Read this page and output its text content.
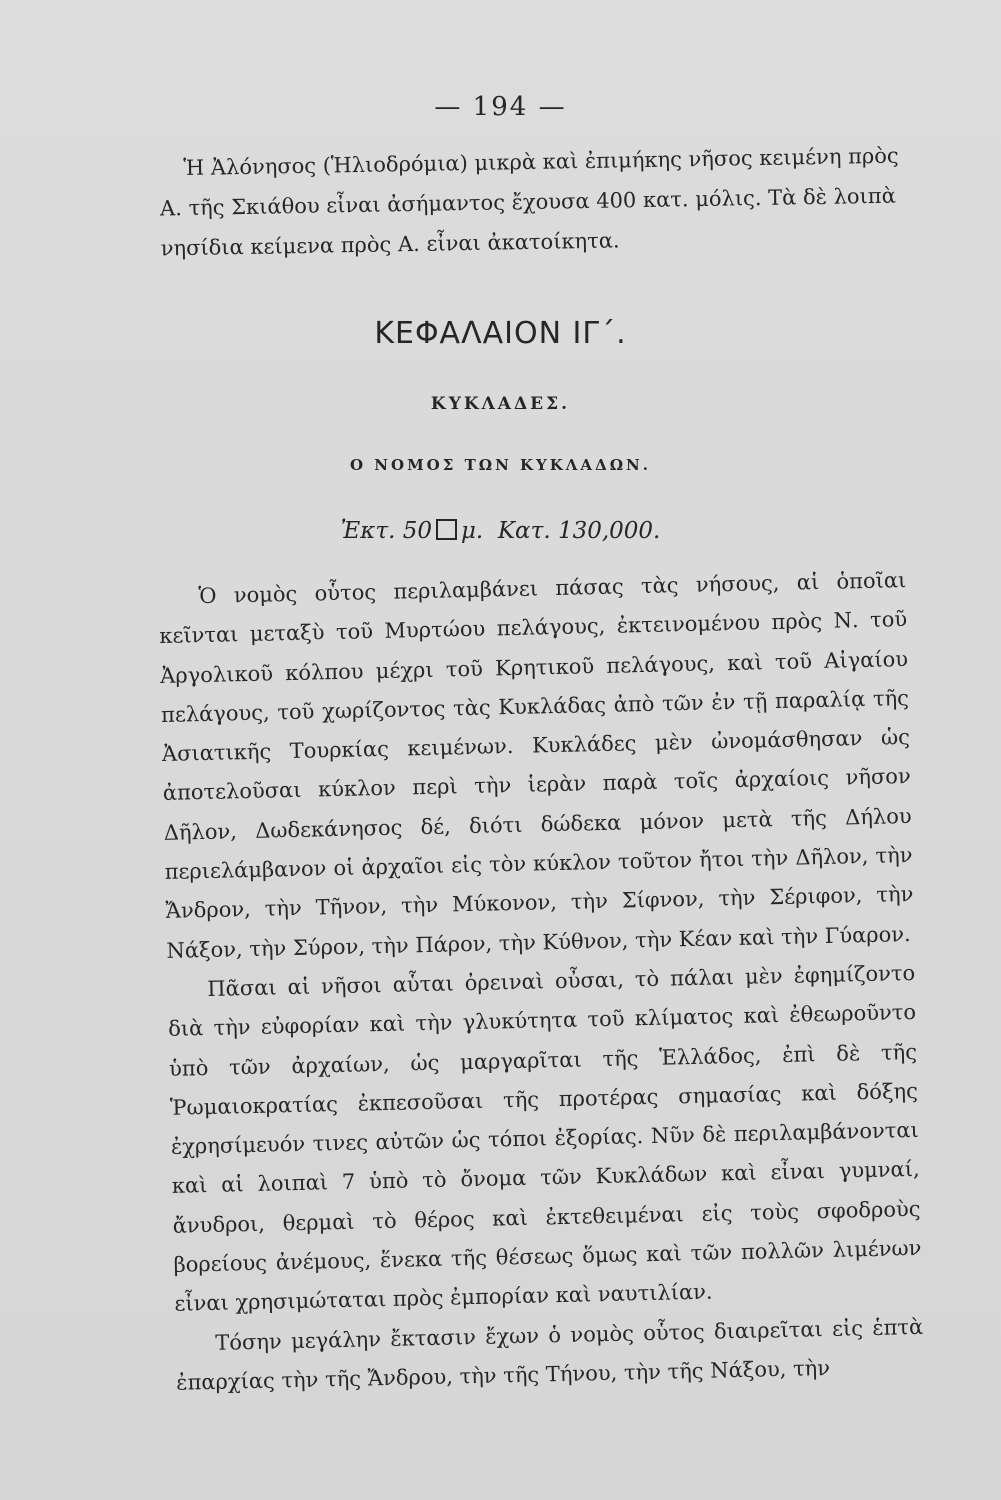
— 194 —

Ἡ Ἀλόνησος (Ἡλιοδρόμια) μικρὰ καὶ ἐπιμήκης νῆσος κειμένη πρὸς Α. τῆς Σκιάθου εἶναι ἀσήμαντος ἔχουσα 400 κατ. μόλις. Τὰ δὲ λοιπὰ νησίδια κείμενα πρὸς Α. εἶναι ἀκατοίκητα.

ΚΕΦΑΛΑΙΟΝ ΙΓ΄.
ΚΥΚΛΑΔΕΣ.
Ο ΝΟΜΟΣ ΤΩΝ ΚΥΚΛΑΔΩΝ.
Ἐκτ. 50 μ. Κατ. 130,000.

Ὁ νομὸς οὗτος περιλαμβάνει πάσας τὰς νήσους, αἱ ὁποῖαι κεῖνται μεταξὺ τοῦ Μυρτώου πελάγους, ἐκτεινομένου πρὸς Ν. τοῦ Ἀργολικοῦ κόλπου μέχρι τοῦ Κρητικοῦ πελάγους, καὶ τοῦ Αἰγαίου πελάγους, τοῦ χωρίζοντος τὰς Κυκλάδας ἀπὸ τῶν ἐν τῇ παραλίᾳ τῆς Ἀσιατικῆς Τουρκίας κειμένων. Κυκλάδες μὲν ὠνομάσθησαν ὡς ἀποτελοῦσαι κύκλον περὶ τὴν ἱερὰν παρὰ τοῖς ἀρχαίοις νῆσον Δῆλον, Δωδεκάνησος δέ, διότι δώδεκα μόνον μετὰ τῆς Δήλου περιελάμβανον οἱ ἀρχαῖοι εἰς τὸν κύκλον τοῦτον ἤτοι τὴν Δῆλον, τὴν Ἄνδρον, τὴν Τῆνον, τὴν Μύκονον, τὴν Σίφνον, τὴν Σέριφον, τὴν Νάξον, τὴν Σύρον, τὴν Πάρον, τὴν Κύθνον, τὴν Κέαν καὶ τὴν Γύαρον.

Πᾶσαι αἱ νῆσοι αὗται ὀρειναὶ οὖσαι, τὸ πάλαι μὲν ἐφημίζοντο διὰ τὴν εὐφορίαν καὶ τὴν γλυκύτητα τοῦ κλίματος καὶ ἐθεωροῦντο ὑπὸ τῶν ἀρχαίων, ὡς μαργαρῖται τῆς Ἑλλάδος, ἐπὶ δὲ τῆς Ῥωμαιοκρατίας ἐκπεσοῦσαι τῆς προτέρας σημασίας καὶ δόξης ἐχρησίμευόν τινες αὐτῶν ὡς τόποι ἐξορίας. Νῦν δὲ περιλαμβάνονται καὶ αἱ λοιπαὶ 7 ὑπὸ τὸ ὄνομα τῶν Κυκλάδων καὶ εἶναι γυμναί, ἄνυδροι, θερμαὶ τὸ θέρος καὶ ἐκτεθειμέναι εἰς τοὺς σφοδροὺς βορείους ἀνέμους, ἕνεκα τῆς θέσεως ὅμως καὶ τῶν πολλῶν λιμένων εἶναι χρησιμώταται πρὸς ἐμπορίαν καὶ ναυτιλίαν.

Τόσην μεγάλην ἔκτασιν ἔχων ὁ νομὸς οὗτος διαιρεῖται εἰς ἑπτὰ ἐπαρχίας τὴν τῆς Ἄνδρου, τὴν τῆς Τήνου, τὴν τῆς Νάξου, τὴν
